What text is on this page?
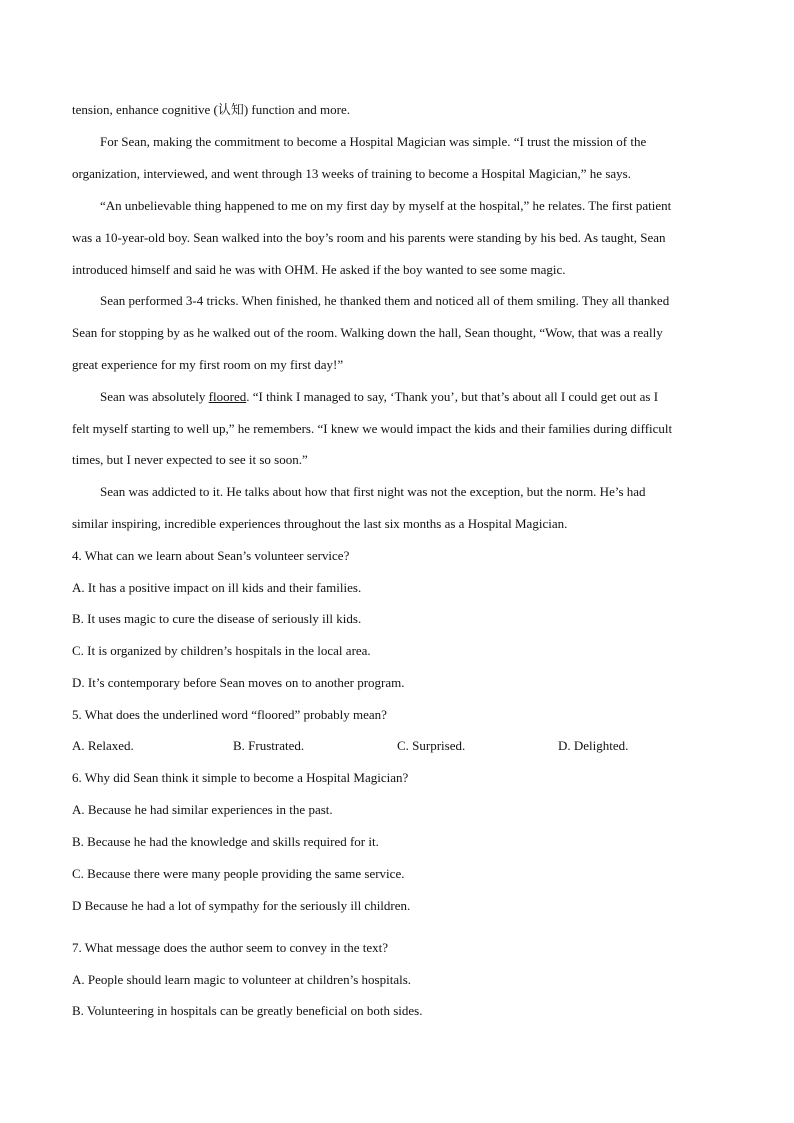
tension, enhance cognitive (认知) function and more.
For Sean, making the commitment to become a Hospital Magician was simple. “I trust the mission of the
organization, interviewed, and went through 13 weeks of training to become a Hospital Magician,” he says.
“An unbelievable thing happened to me on my first day by myself at the hospital,” he relates. The first patient
was a 10-year-old boy. Sean walked into the boy’s room and his parents were standing by his bed. As taught, Sean
introduced himself and said he was with OHM. He asked if the boy wanted to see some magic.
Sean performed 3-4 tricks. When finished, he thanked them and noticed all of them smiling. They all thanked
Sean for stopping by as he walked out of the room. Walking down the hall, Sean thought, “Wow, that was a really
great experience for my first room on my first day!”
Sean was absolutely floored. “I think I managed to say, ‘Thank you’, but that’s about all I could get out as I
felt myself starting to well up,” he remembers. “I knew we would impact the kids and their families during difficult
times, but I never expected to see it so soon.”
Sean was addicted to it. He talks about how that first night was not the exception, but the norm. He’s had
similar inspiring, incredible experiences throughout the last six months as a Hospital Magician.
4. What can we learn about Sean’s volunteer service?
A. It has a positive impact on ill kids and their families.
B. It uses magic to cure the disease of seriously ill kids.
C. It is organized by children’s hospitals in the local area.
D. It’s contemporary before Sean moves on to another program.
5. What does the underlined word “floored” probably mean?
A. Relaxed.	B. Frustrated.	C. Surprised.	D. Delighted.
6. Why did Sean think it simple to become a Hospital Magician?
A. Because he had similar experiences in the past.
B. Because he had the knowledge and skills required for it.
C. Because there were many people providing the same service.
D Because he had a lot of sympathy for the seriously ill children.
7. What message does the author seem to convey in the text?
A. People should learn magic to volunteer at children’s hospitals.
B. Volunteering in hospitals can be greatly beneficial on both sides.
